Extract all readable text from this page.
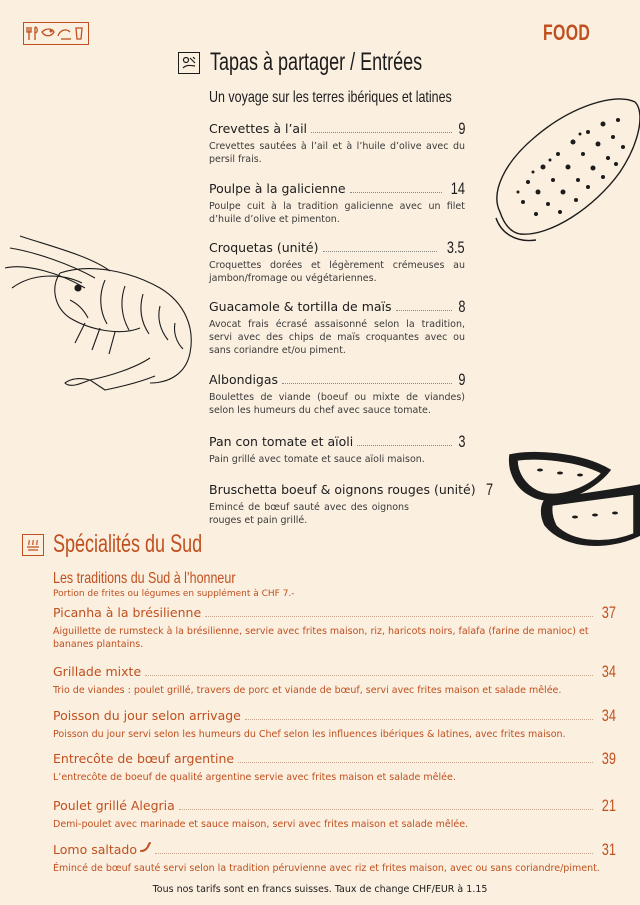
FOOD
Tapas à partager / Entrées
Un voyage sur les terres ibériques et latines
Crevettes à l’ail	9
Crevettes sautées à l’ail et à l’huile d’olive avec du persil frais.
Poulpe à la galicienne	14
Poulpe cuit à la tradition galicienne avec un filet d’huile d’olive et pimenton.
Croquetas (unité)	3.5
Croquettes dorées et légèrement crémeuses au jambon/fromage ou végétariennes.
Guacamole & tortilla de maïs	8
Avocat frais écrasé assaisonné selon la tradition, servi avec des chips de maïs croquantes avec ou sans coriandre et/ou piment.
Albondigas	9
Boulettes de viande (boeuf ou mixte de viandes) selon les humeurs du chef avec sauce tomate.
Pan con tomate et aïoli	3
Pain grillé avec tomate et sauce aïoli maison.
Bruschetta boeuf & oignons rouges (unité) 7
Emincé de bœuf sauté avec des oignons rouges et pain grillé.
Spécialités du Sud
Les traditions du Sud à l’honneur
Portion de frites ou légumes en supplément à CHF 7.-
Picanha à la brésilienne	37
Aiguillette de rumsteck à la brésilienne, servie avec frites maison, riz, haricots noirs, falafa (farine de manioc) et bananes plantains.
Grillade mixte	34
Trio de viandes : poulet grillé, travers de porc et viande de bœuf, servi avec frites maison et salade mêlée.
Poisson du jour selon arrivage	34
Poisson du jour servi selon les humeurs du Chef selon les influences ibériques & latines, avec frites maison.
Entrecôte de bœuf argentine	39
L’entrecôte de boeuf de qualité argentine servie avec frites maison et salade mêlée.
Poulet grillé Alegria	21
Demi-poulet avec marinade et sauce maison, servi avec frites maison et salade mêlée.
Lomo saltado	31
Émincé de bœuf sauté servi selon la tradition péruvienne avec riz et frites maison, avec ou sans coriandre/piment.
Tous nos tarifs sont en francs suisses. Taux de change CHF/EUR à 1.15
